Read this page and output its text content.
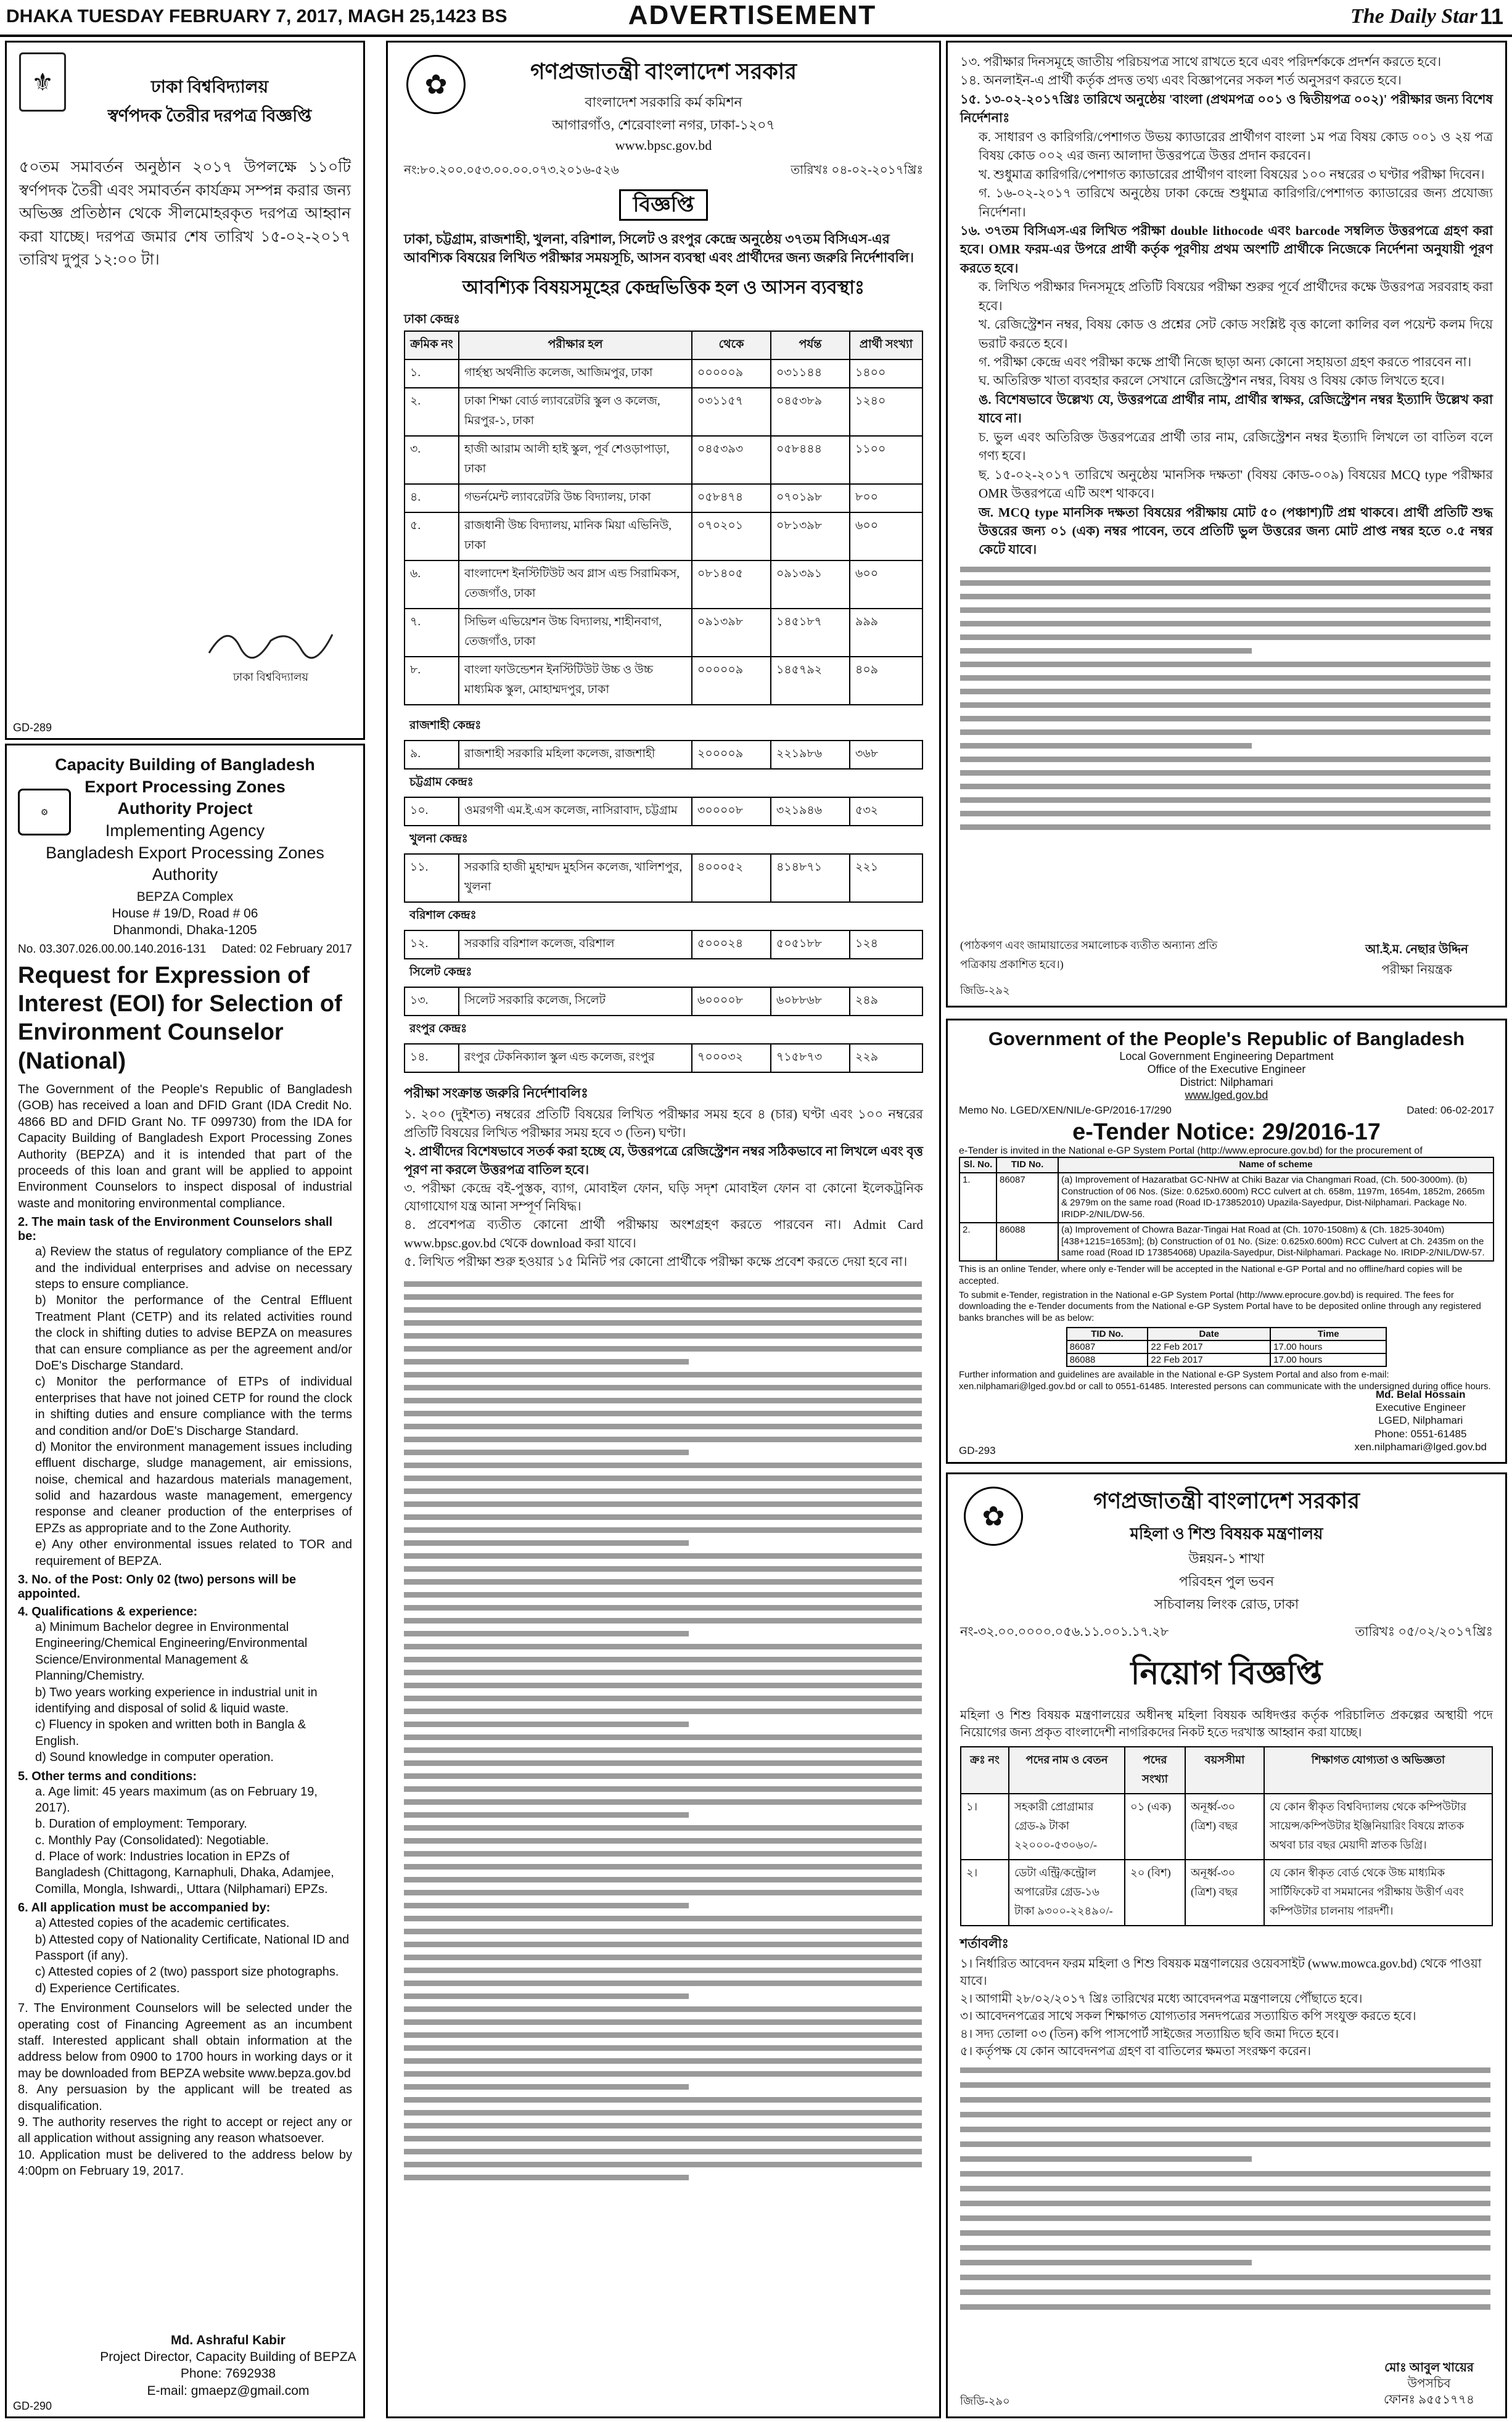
DHAKA TUESDAY FEBRUARY 7, 2017, MAGH 25,1423 BS	ADVERTISEMENT	The Daily Star 11
⚜	ঢাকা বিশ্ববিদ্যালয়
স্বর্ণপদক তৈরীর দরপত্র বিজ্ঞপ্তি
৫০তম সমাবর্তন অনুষ্ঠান ২০১৭ উপলক্ষে ১১০টি স্বর্ণপদক তৈরী এবং সমাবর্তন কার্যক্রম সম্পন্ন করার জন্য অভিজ্ঞ প্রতিষ্ঠান থেকে সীলমোহরকৃত দরপত্র আহ্বান করা যাচ্ছে। দরপত্র জমার শেষ তারিখ ১৫-০২-২০১৭ তারিখ দুপুর ১২:০০ টা।
ঢাকা বিশ্ববিদ্যালয়
GD-289
Capacity Building of Bangladesh
Export Processing Zones
Authority Project
Implementing Agency
Bangladesh Export Processing Zones Authority
⚙
BEPZA Complex
House # 19/D, Road # 06
Dhanmondi, Dhaka-1205
No. 03.307.026.00.00.140.2016-131 Dated: 02 February 2017
Request for Expression of Interest (EOI) for Selection of Environment Counselor (National)
The Government of the People's Republic of Bangladesh (GOB) has received a loan and DFID Grant (IDA Credit No. 4866 BD and DFID Grant No. TF 099730) from the IDA for Capacity Building of Bangladesh Export Processing Zones Authority (BEPZA) and it is intended that part of the proceeds of this loan and grant will be applied to appoint Environment Counselors to inspect disposal of industrial waste and monitoring environmental compliance.
2. The main task of the Environment Counselors shall be:
a) Review the status of regulatory compliance of the EPZ and the individual enterprises and advise on necessary steps to ensure compliance.
b) Monitor the performance of the Central Effluent Treatment Plant (CETP) and its related activities round the clock in shifting duties to advise BEPZA on measures that can ensure compliance as per the agreement and/or DoE's Discharge Standard.
c) Monitor the performance of ETPs of individual enterprises that have not joined CETP for round the clock in shifting duties and ensure compliance with the terms and condition and/or DoE's Discharge Standard.
d) Monitor the environment management issues including effluent discharge, sludge management, air emissions, noise, chemical and hazardous materials management, solid and hazardous waste management, emergency response and cleaner production of the enterprises of EPZs as appropriate and to the Zone Authority.
e) Any other environmental issues related to TOR and requirement of BEPZA.
3. No. of the Post: Only 02 (two) persons will be appointed.
4. Qualifications & experience:
a) Minimum Bachelor degree in Environmental Engineering/Chemical Engineering/Environmental Science/Environmental Management & Planning/Chemistry.
b) Two years working experience in industrial unit in identifying and disposal of solid & liquid waste.
c) Fluency in spoken and written both in Bangla & English.
d) Sound knowledge in computer operation.
5. Other terms and conditions:
a. Age limit: 45 years maximum (as on February 19, 2017).
b. Duration of employment: Temporary.
c. Monthly Pay (Consolidated): Negotiable.
d. Place of work: Industries location in EPZs of Bangladesh (Chittagong, Karnaphuli, Dhaka, Adamjee, Comilla, Mongla, Ishwardi,, Uttara (Nilphamari) EPZs.
6. All application must be accompanied by:
a) Attested copies of the academic certificates.
b) Attested copy of Nationality Certificate, National ID and Passport (if any).
c) Attested copies of 2 (two) passport size photographs.
d) Experience Certificates.
7. The Environment Counselors will be selected under the operating cost of Financing Agreement as an incumbent staff. Interested applicant shall obtain information at the address below from 0900 to 1700 hours in working days or it may be downloaded from BEPZA website www.bepza.gov.bd
8. Any persuasion by the applicant will be treated as disqualification.
9. The authority reserves the right to accept or reject any or all application without assigning any reason whatsoever.
10. Application must be delivered to the address below by 4:00pm on February 19, 2017.
Md. Ashraful Kabir
Project Director, Capacity Building of BEPZA
Phone: 7692938
E-mail: gmaepz@gmail.com
GD-290
✿	গণপ্রজাতন্ত্রী বাংলাদেশ সরকার
বাংলাদেশ সরকারি কর্ম কমিশন
আগারগাঁও, শেরেবাংলা নগর, ঢাকা-১২০৭
www.bpsc.gov.bd
নং:৮০.২০০.০৫৩.০০.০০.০৭৩.২০১৬-৫২৬	তারিখঃ ০৪-০২-২০১৭খ্রিঃ
বিজ্ঞপ্তি
ঢাকা, চট্টগ্রাম, রাজশাহী, খুলনা, বরিশাল, সিলেট ও রংপুর কেন্দ্রে অনুষ্ঠেয় ৩৭তম বিসিএস-এর আবশ্যিক বিষয়ের লিখিত পরীক্ষার সময়সূচি, আসন ব্যবস্থা এবং প্রার্থীদের জন্য জরুরি নির্দেশাবলি।
আবশ্যিক বিষয়সমূহের কেন্দ্রভিত্তিক হল ও আসন ব্যবস্থাঃ
ঢাকা কেন্দ্রঃ
ক্রমিক নং	পরীক্ষার হল	থেকে	পর্যন্ত	প্রার্থী সংখ্যা
১.	গার্হস্থ্য অর্থনীতি কলেজ, আজিমপুর, ঢাকা	০০০০০৯	০৩১১৪৪	১৪০০
২.	ঢাকা শিক্ষা বোর্ড ল্যাবরেটরি স্কুল ও কলেজ, মিরপুর-১, ঢাকা	০৩১১৫৭	০৪৫৩৮৯	১২৪০
৩.	হাজী আরাম আলী হাই স্কুল, পূর্ব শেওড়াপাড়া, ঢাকা	০৪৫৩৯৩	০৫৮৪৪৪	১১০০
৪.	গভর্নমেন্ট ল্যাবরেটরি উচ্চ বিদ্যালয়, ঢাকা	০৫৮৪৭৪	০৭০১৯৮	৮০০
৫.	রাজধানী উচ্চ বিদ্যালয়, মানিক মিয়া এভিনিউ, ঢাকা	০৭০২০১	০৮১৩৯৮	৬০০
৬.	বাংলাদেশ ইনস্টিটিউট অব গ্লাস এন্ড সিরামিকস, তেজগাঁও, ঢাকা	০৮১৪০৫	০৯১৩৯১	৬০০
৭.	সিভিল এভিয়েশন উচ্চ বিদ্যালয়, শাহীনবাগ, তেজগাঁও, ঢাকা	০৯১৩৯৮	১৪৫১৮৭	৯৯৯
৮.	বাংলা ফাউন্ডেশন ইনস্টিটিউট উচ্চ ও উচ্চ মাধ্যমিক স্কুল, মোহাম্মদপুর, ঢাকা	০০০০০৯	১৪৫৭৯২	৪০৯
রাজশাহী কেন্দ্রঃ				
৯.	রাজশাহী সরকারি মহিলা কলেজ, রাজশাহী	২০০০০৯	২২১৯৮৬	৩৬৮
চট্টগ্রাম কেন্দ্রঃ				
১০.	ওমরগণী এম.ই.এস কলেজ, নাসিরাবাদ, চট্টগ্রাম	৩০০০০৮	৩২১৯৪৬	৫৩২
খুলনা কেন্দ্রঃ				
১১.	সরকারি হাজী মুহাম্মদ মুহসিন কলেজ, খালিশপুর, খুলনা	৪০০০৫২	৪১৪৮৭১	২২১
বরিশাল কেন্দ্রঃ				
১২.	সরকারি বরিশাল কলেজ, বরিশাল	৫০০০২৪	৫০৫১৮৮	১২৪
সিলেট কেন্দ্রঃ				
১৩.	সিলেট সরকারি কলেজ, সিলেট	৬০০০০৮	৬০৮৮৬৮	২৪৯
রংপুর কেন্দ্রঃ				
১৪.	রংপুর টেকনিক্যাল স্কুল এন্ড কলেজ, রংপুর	৭০০০৩২	৭১৫৮৭৩	২২৯
পরীক্ষা সংক্রান্ত জরুরি নির্দেশাবলিঃ
১. ২০০ (দুইশত) নম্বরের প্রতিটি বিষয়ের লিখিত পরীক্ষার সময় হবে ৪ (চার) ঘণ্টা এবং ১০০ নম্বরের প্রতিটি বিষয়ের লিখিত পরীক্ষার সময় হবে ৩ (তিন) ঘণ্টা।
২. প্রার্থীদের বিশেষভাবে সতর্ক করা হচ্ছে যে, উত্তরপত্রে রেজিস্ট্রেশন নম্বর সঠিকভাবে না লিখলে এবং বৃত্ত পূরণ না করলে উত্তরপত্র বাতিল হবে।
৩. পরীক্ষা কেন্দ্রে বই-পুস্তক, ব্যাগ, মোবাইল ফোন, ঘড়ি সদৃশ মোবাইল ফোন বা কোনো ইলেকট্রনিক যোগাযোগ যন্ত্র আনা সম্পূর্ণ নিষিদ্ধ।
৪. প্রবেশপত্র ব্যতীত কোনো প্রার্থী পরীক্ষায় অংশগ্রহণ করতে পারবেন না। Admit Card www.bpsc.gov.bd থেকে download করা যাবে।
৫. লিখিত পরীক্ষা শুরু হওয়ার ১৫ মিনিট পর কোনো প্রার্থীকে পরীক্ষা কক্ষে প্রবেশ করতে দেয়া হবে না।
১৩. পরীক্ষার দিনসমূহে জাতীয় পরিচয়পত্র সাথে রাখতে হবে এবং পরিদর্শককে প্রদর্শন করতে হবে।
১৪. অনলাইন-এ প্রার্থী কর্তৃক প্রদত্ত তথ্য এবং বিজ্ঞাপনের সকল শর্ত অনুসরণ করতে হবে।
১৫. ১৩-০২-২০১৭খ্রিঃ তারিখে অনুষ্ঠেয় 'বাংলা (প্রথমপত্র ০০১ ও দ্বিতীয়পত্র ০০২)' পরীক্ষার জন্য বিশেষ নির্দেশনাঃ
ক. সাধারণ ও কারিগরি/পেশাগত উভয় ক্যাডারের প্রার্থীগণ বাংলা ১ম পত্র বিষয় কোড ০০১ ও ২য় পত্র বিষয় কোড ০০২ এর জন্য আলাদা উত্তরপত্রে উত্তর প্রদান করবেন।
খ. শুধুমাত্র কারিগরি/পেশাগত ক্যাডারের প্রার্থীগণ বাংলা বিষয়ের ১০০ নম্বরের ৩ ঘণ্টার পরীক্ষা দিবেন।
গ. ১৬-০২-২০১৭ তারিখে অনুষ্ঠেয় ঢাকা কেন্দ্রে শুধুমাত্র কারিগরি/পেশাগত ক্যাডারের জন্য প্রযোজ্য নির্দেশনা।
১৬. ৩৭তম বিসিএস-এর লিখিত পরীক্ষা double lithocode এবং barcode সম্বলিত উত্তরপত্রে গ্রহণ করা হবে। OMR ফরম-এর উপরে প্রার্থী কর্তৃক পূরণীয় প্রথম অংশটি প্রার্থীকে নিজেকে নির্দেশনা অনুযায়ী পূরণ করতে হবে।
ক. লিখিত পরীক্ষার দিনসমূহে প্রতিটি বিষয়ের পরীক্ষা শুরুর পূর্বে প্রার্থীদের কক্ষে উত্তরপত্র সরবরাহ করা হবে।
খ. রেজিস্ট্রেশন নম্বর, বিষয় কোড ও প্রশ্নের সেট কোড সংশ্লিষ্ট বৃত্ত কালো কালির বল পয়েন্ট কলম দিয়ে ভরাট করতে হবে।
গ. পরীক্ষা কেন্দ্রে এবং পরীক্ষা কক্ষে প্রার্থী নিজে ছাড়া অন্য কোনো সহায়তা গ্রহণ করতে পারবেন না।
ঘ. অতিরিক্ত খাতা ব্যবহার করলে সেখানে রেজিস্ট্রেশন নম্বর, বিষয় ও বিষয় কোড লিখতে হবে।
ঙ. বিশেষভাবে উল্লেখ্য যে, উত্তরপত্রে প্রার্থীর নাম, প্রার্থীর স্বাক্ষর, রেজিস্ট্রেশন নম্বর ইত্যাদি উল্লেখ করা যাবে না।
চ. ভুল এবং অতিরিক্ত উত্তরপত্রের প্রার্থী তার নাম, রেজিস্ট্রেশন নম্বর ইত্যাদি লিখলে তা বাতিল বলে গণ্য হবে।
ছ. ১৫-০২-২০১৭ তারিখে অনুষ্ঠেয় 'মানসিক দক্ষতা' (বিষয় কোড-০০৯) বিষয়ের MCQ type পরীক্ষার OMR উত্তরপত্রে এটি অংশ থাকবে।
জ. MCQ type মানসিক দক্ষতা বিষয়ের পরীক্ষায় মোট ৫০ (পঞ্চাশ)টি প্রশ্ন থাকবে। প্রার্থী প্রতিটি শুদ্ধ উত্তরের জন্য ০১ (এক) নম্বর পাবেন, তবে প্রতিটি ভুল উত্তরের জন্য মোট প্রাপ্ত নম্বর হতে ০.৫ নম্বর কেটে যাবে।
(পাঠকগণ এবং জামায়াতের সমালোচক ব্যতীত অন্যান্য প্রতি পত্রিকায় প্রকাশিত হবে।)
আ.ই.ম. নেছার উদ্দিন
পরীক্ষা নিয়ন্ত্রক
জিডি-২৯২
Government of the People's Republic of Bangladesh
Local Government Engineering Department
Office of the Executive Engineer
District: Nilphamari
www.lged.gov.bd
Memo No. LGED/XEN/NIL/e-GP/2016-17/290	Dated: 06-02-2017
e-Tender Notice: 29/2016-17
e-Tender is invited in the National e-GP System Portal (http://www.eprocure.gov.bd) for the procurement of
Sl. No.	TID No.	Name of scheme
1.	86087	(a) Improvement of Hazaratbat GC-NHW at Chiki Bazar via Changmari Road, (Ch. 500-3000m). (b) Construction of 06 Nos. (Size: 0.625x0.600m) RCC culvert at ch. 658m, 1197m, 1654m, 1852m, 2665m & 2979m on the same road (Road ID-173852010) Upazila-Sayedpur, Dist-Nilphamari. Package No. IRIDP-2/NIL/DW-56.
2.	86088	(a) Improvement of Chowra Bazar-Tingai Hat Road at (Ch. 1070-1508m) & (Ch. 1825-3040m) [438+1215=1653m]; (b) Construction of 01 No. (Size: 0.625x0.600m) RCC Culvert at Ch. 2435m on the same road (Road ID 173854068) Upazila-Sayedpur, Dist-Nilphamari. Package No. IRIDP-2/NIL/DW-57.
This is an online Tender, where only e-Tender will be accepted in the National e-GP Portal and no offline/hard copies will be accepted.
To submit e-Tender, registration in the National e-GP System Portal (http://www.eprocure.gov.bd) is required. The fees for downloading the e-Tender documents from the National e-GP System Portal have to be deposited online through any registered banks branches will be as below:
TID No.	Date	Time
86087	22 Feb 2017	17.00 hours
86088	22 Feb 2017	17.00 hours
Further information and guidelines are available in the National e-GP System Portal and also from e-mail: xen.nilphamari@lged.gov.bd or call to 0551-61485. Interested persons can communicate with the undersigned during office hours.
Md. Belal Hossain
Executive Engineer
LGED, Nilphamari
Phone: 0551-61485
xen.nilphamari@lged.gov.bd
GD-293
✿
গণপ্রজাতন্ত্রী বাংলাদেশ সরকার
মহিলা ও শিশু বিষয়ক মন্ত্রণালয়
উন্নয়ন-১ শাখা
পরিবহন পুল ভবন
সচিবালয় লিংক রোড, ঢাকা
নং-৩২.০০.০০০০.০৫৬.১১.০০১.১৭.২৮	তারিখঃ ০৫/০২/২০১৭খ্রিঃ
নিয়োগ বিজ্ঞপ্তি
মহিলা ও শিশু বিষয়ক মন্ত্রণালয়ের অধীনস্থ মহিলা বিষয়ক অধিদপ্তর কর্তৃক পরিচালিত প্রকল্পের অস্থায়ী পদে নিয়োগের জন্য প্রকৃত বাংলাদেশী নাগরিকদের নিকট হতে দরখাস্ত আহ্বান করা যাচ্ছে।
ক্রঃ নং	পদের নাম ও বেতন	পদের সংখ্যা	বয়সসীমা	শিক্ষাগত যোগ্যতা ও অভিজ্ঞতা
১।	সহকারী প্রোগ্রামার গ্রেড-৯ টাকা ২২০০০-৫৩০৬০/-	০১ (এক)	অনূর্ধ্ব-৩০ (ত্রিশ) বছর	যে কোন স্বীকৃত বিশ্ববিদ্যালয় থেকে কম্পিউটার সায়েন্স/কম্পিউটার ইঞ্জিনিয়ারিং বিষয়ে স্নাতক অথবা চার বছর মেয়াদী স্নাতক ডিগ্রি।
২।	ডেটা এন্ট্রি/কন্ট্রোল অপারেটর গ্রেড-১৬ টাকা ৯৩০০-২২৪৯০/-	২০ (বিশ)	অনূর্ধ্ব-৩০ (ত্রিশ) বছর	যে কোন স্বীকৃত বোর্ড থেকে উচ্চ মাধ্যমিক সার্টিফিকেট বা সমমানের পরীক্ষায় উত্তীর্ণ এবং কম্পিউটার চালনায় পারদর্শী।
শর্তাবলীঃ
১। নির্ধারিত আবেদন ফরম মহিলা ও শিশু বিষয়ক মন্ত্রণালয়ের ওয়েবসাইট (www.mowca.gov.bd) থেকে পাওয়া যাবে।
২। আগামী ২৮/০২/২০১৭ খ্রিঃ তারিখের মধ্যে আবেদনপত্র মন্ত্রণালয়ে পৌঁছাতে হবে।
৩। আবেদনপত্রের সাথে সকল শিক্ষাগত যোগ্যতার সনদপত্রের সত্যায়িত কপি সংযুক্ত করতে হবে।
৪। সদ্য তোলা ০৩ (তিন) কপি পাসপোর্ট সাইজের সত্যায়িত ছবি জমা দিতে হবে।
৫। কর্তৃপক্ষ যে কোন আবেদনপত্র গ্রহণ বা বাতিলের ক্ষমতা সংরক্ষণ করেন।
মোঃ আবুল খায়ের
উপসচিব
ফোনঃ ৯৫৫১৭৭৪
জিডি-২৯০
